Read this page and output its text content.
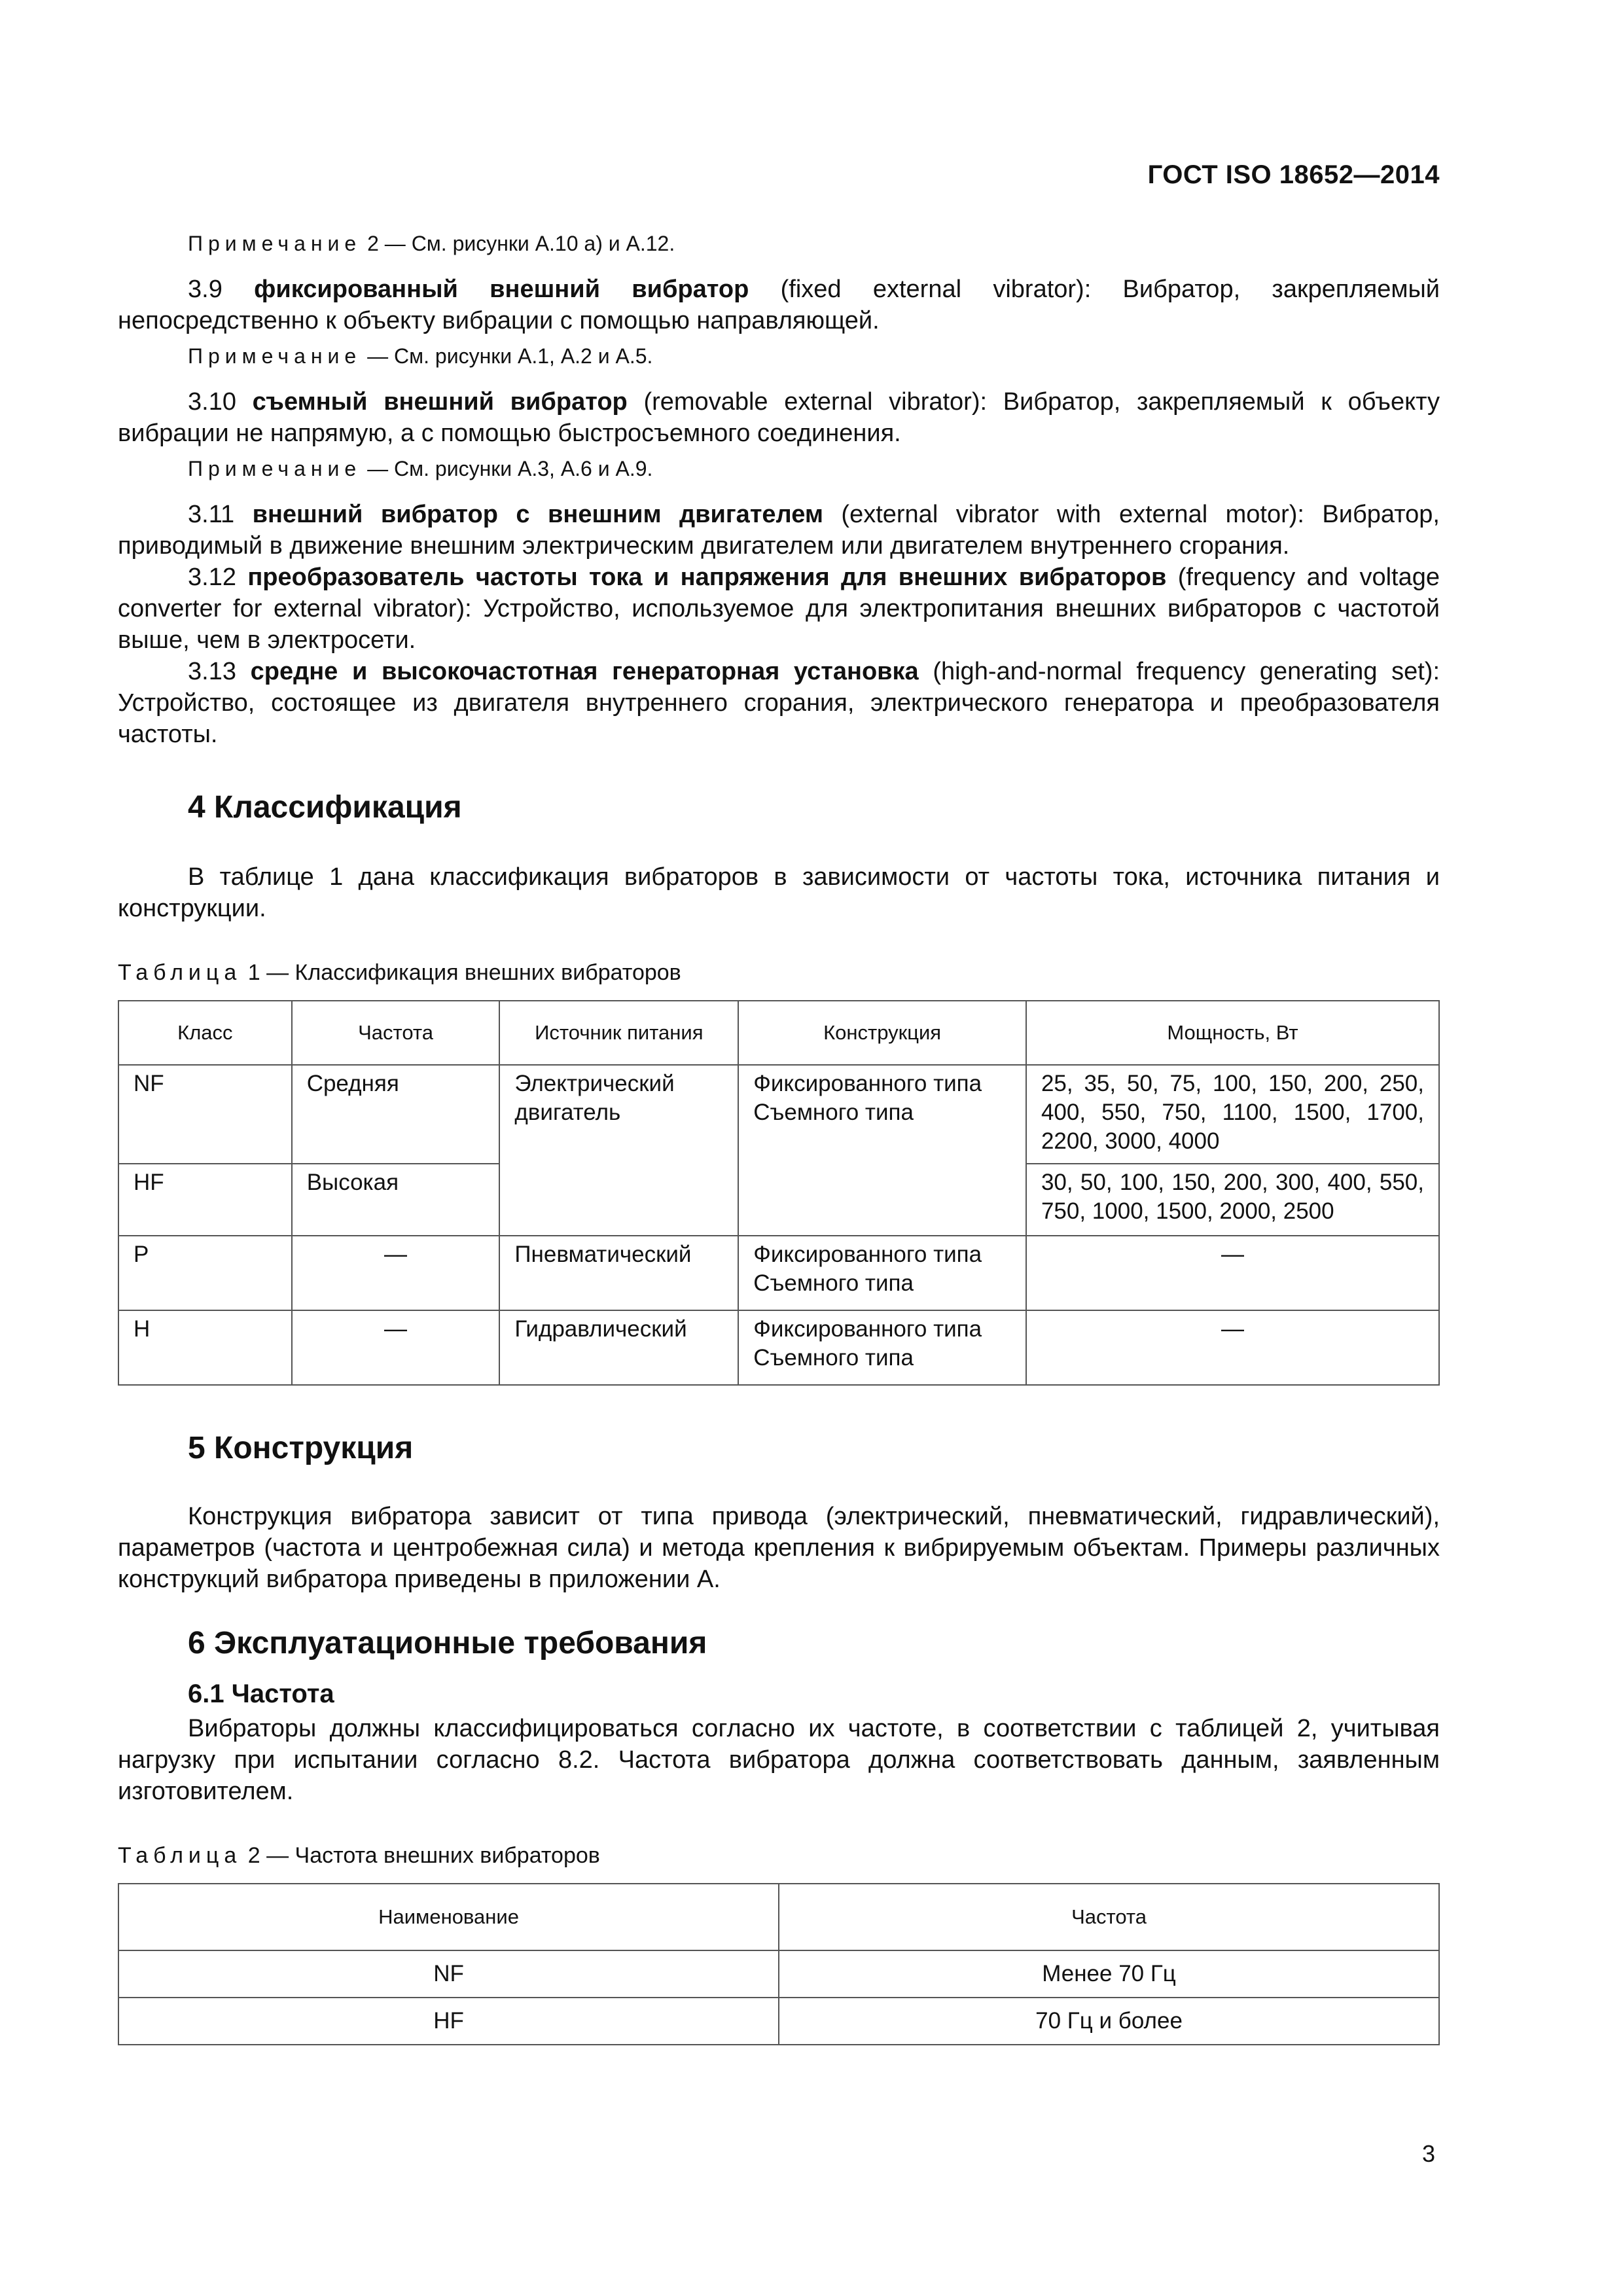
ГОСТ ISO 18652—2014

Примечание 2 — См. рисунки А.10 а) и А.12.

3.9 фиксированный внешний вибратор (fixed external vibrator): Вибратор, закрепляемый непосредственно к объекту вибрации с помощью направляющей.

Примечание — См. рисунки А.1, А.2 и А.5.

3.10 съемный внешний вибратор (removable external vibrator): Вибратор, закрепляемый к объекту вибрации не напрямую, а с помощью быстросъемного соединения.

Примечание — См. рисунки А.3, А.6 и А.9.

3.11 внешний вибратор с внешним двигателем (external vibrator with external motor): Вибратор, приводимый в движение внешним электрическим двигателем или двигателем внутреннего сгорания.

3.12 преобразователь частоты тока и напряжения для внешних вибраторов (frequency and voltage converter for external vibrator): Устройство, используемое для электропитания внешних вибраторов с частотой выше, чем в электросети.

3.13 средне и высокочастотная генераторная установка (high-and-normal frequency generating set): Устройство, состоящее из двигателя внутреннего сгорания, электрического генератора и преобразователя частоты.

4 Классификация

В таблице 1 дана классификация вибраторов в зависимости от частоты тока, источника питания и конструкции.

Таблица 1 — Классификация внешних вибраторов

Класс	Частота	Источник питания	Конструкция	Мощность, Вт
NF	Средняя	Электрический двигатель	Фиксированного типа Съемного типа	25, 35, 50, 75, 100, 150, 200, 250, 400, 550, 750, 1100, 1500, 1700, 2200, 3000, 4000
HF	Высокая			30, 50, 100, 150, 200, 300, 400, 550, 750, 1000, 1500, 2000, 2500
P	—	Пневматический	Фиксированного типа Съемного типа	—
H	—	Гидравлический	Фиксированного типа Съемного типа	—
5 Конструкция

Конструкция вибратора зависит от типа привода (электрический, пневматический, гидравлический), параметров (частота и центробежная сила) и метода крепления к вибрируемым объектам. Примеры различных конструкций вибратора приведены в приложении А.

6 Эксплуатационные требования
6.1 Частота

Вибраторы должны классифицироваться согласно их частоте, в соответствии с таблицей 2, учитывая нагрузку при испытании согласно 8.2. Частота вибратора должна соответствовать данным, заявленным изготовителем.

Таблица 2 — Частота внешних вибраторов

Наименование	Частота
NF	Менее 70 Гц
HF	70 Гц и более
3
